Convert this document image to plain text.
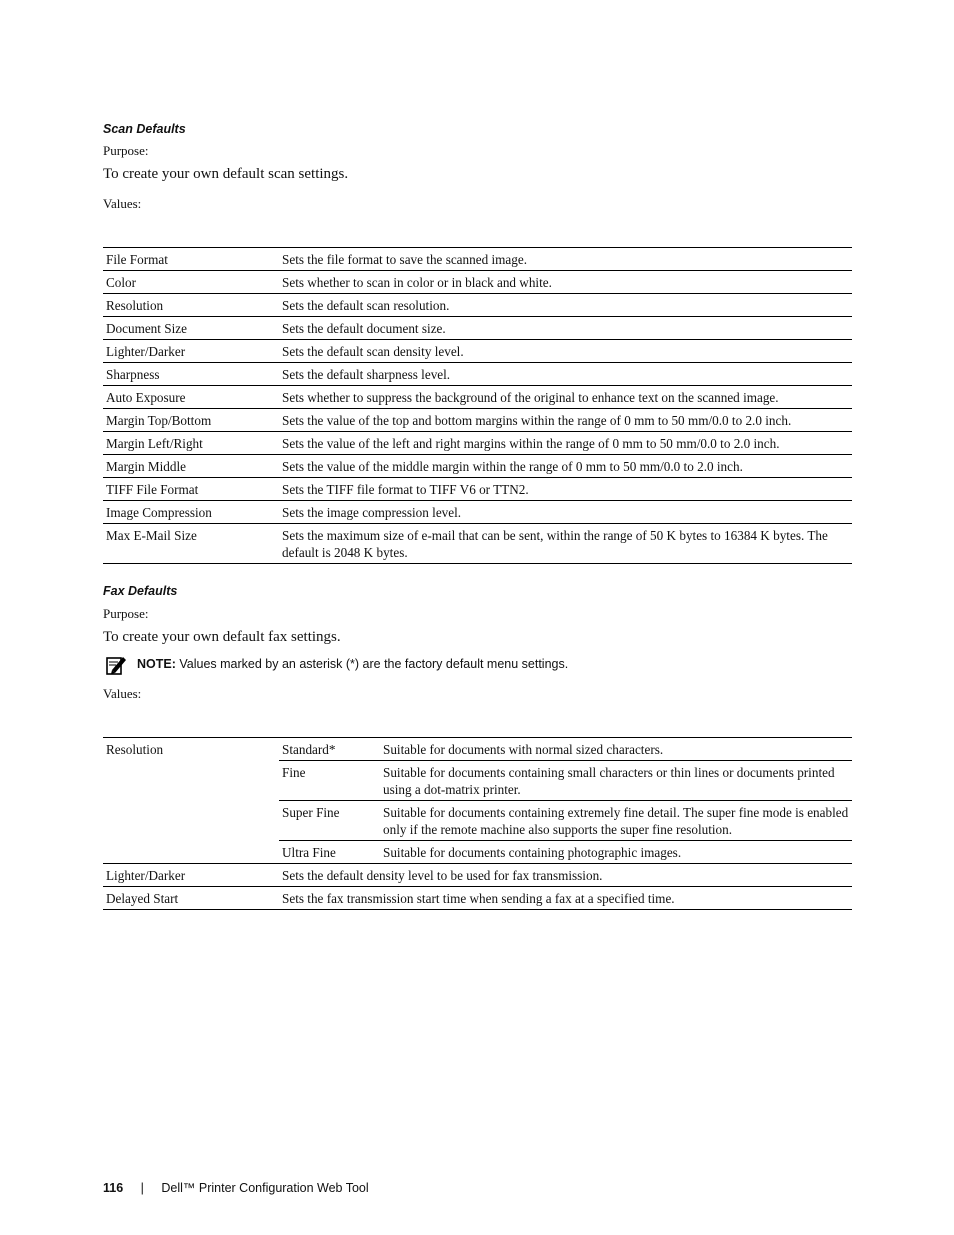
Scan Defaults
Purpose:
To create your own default scan settings.
Values:
File Format	Sets the file format to save the scanned image.
Color	Sets whether to scan in color or in black and white.
Resolution	Sets the default scan resolution.
Document Size	Sets the default document size.
Lighter/Darker	Sets the default scan density level.
Sharpness	Sets the default sharpness level.
Auto Exposure	Sets whether to suppress the background of the original to enhance text on the scanned image.
Margin Top/Bottom	Sets the value of the top and bottom margins within the range of 0 mm to 50 mm/0.0 to 2.0 inch.
Margin Left/Right	Sets the value of the left and right margins within the range of 0 mm to 50 mm/0.0 to 2.0 inch.
Margin Middle	Sets the value of the middle margin within the range of 0 mm to 50 mm/0.0 to 2.0 inch.
TIFF File Format	Sets the TIFF file format to TIFF V6 or TTN2.
Image Compression	Sets the image compression level.
Max E-Mail Size	Sets the maximum size of e-mail that can be sent, within the range of 50 K bytes to 16384 K bytes. The default is 2048 K bytes.
Fax Defaults
Purpose:
To create your own default fax settings.
NOTE: Values marked by an asterisk (*) are the factory default menu settings.
Values:
Resolution	Standard*	Suitable for documents with normal sized characters.
	Fine	Suitable for documents containing small characters or thin lines or documents printed using a dot-matrix printer.
	Super Fine	Suitable for documents containing extremely fine detail. The super fine mode is enabled only if the remote machine also supports the super fine resolution.
	Ultra Fine	Suitable for documents containing photographic images.
Lighter/Darker	Sets the default density level to be used for fax transmission.	
Delayed Start	Sets the fax transmission start time when sending a fax at a specified time.	
116 | Dell™ Printer Configuration Web Tool
